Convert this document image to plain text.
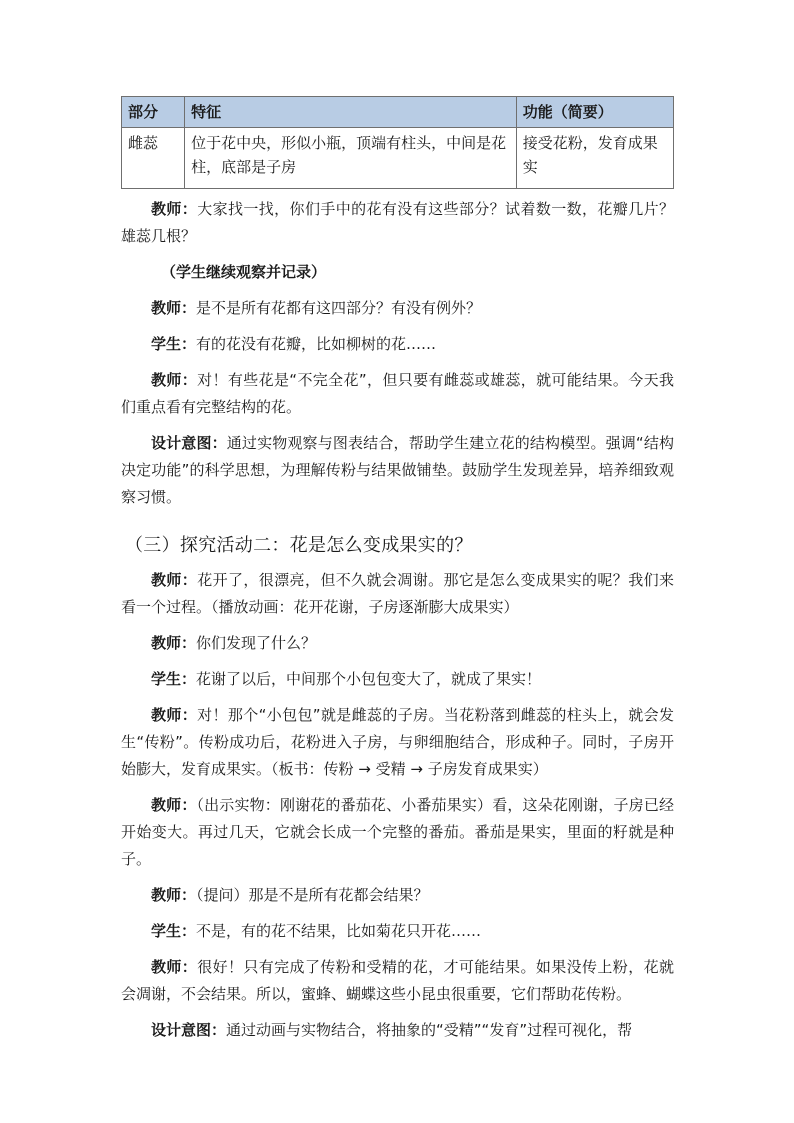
部分	特征	功能（简要）
雌蕊	位于花中央，形似小瓶，顶端有柱头，中间是花柱，底部是子房	接受花粉，发育成果实

教师：大家找一找，你们手中的花有没有这些部分？试着数一数，花瓣几片？雄蕊几根？

（学生继续观察并记录）

教师：是不是所有花都有这四部分？有没有例外？

学生：有的花没有花瓣，比如柳树的花……

教师：对！有些花是“不完全花”，但只要有雌蕊或雄蕊，就可能结果。今天我们重点看有完整结构的花。

设计意图：通过实物观察与图表结合，帮助学生建立花的结构模型。强调“结构决定功能”的科学思想，为理解传粉与结果做铺垫。鼓励学生发现差异，培养细致观察习惯。

（三）探究活动二：花是怎么变成果实的？

教师：花开了，很漂亮，但不久就会凋谢。那它是怎么变成果实的呢？我们来看一个过程。（播放动画：花开花谢，子房逐渐膨大成果实）

教师：你们发现了什么？

学生：花谢了以后，中间那个小包包变大了，就成了果实！

教师：对！那个“小包包”就是雌蕊的子房。当花粉落到雌蕊的柱头上，就会发生“传粉”。传粉成功后，花粉进入子房，与卵细胞结合，形成种子。同时，子房开始膨大，发育成果实。（板书：传粉 → 受精 → 子房发育成果实）

教师：（出示实物：刚谢花的番茄花、小番茄果实）看，这朵花刚谢，子房已经开始变大。再过几天，它就会长成一个完整的番茄。番茄是果实，里面的籽就是种子。

教师：（提问）那是不是所有花都会结果？

学生：不是，有的花不结果，比如菊花只开花……

教师：很好！只有完成了传粉和受精的花，才可能结果。如果没传上粉，花就会凋谢，不会结果。所以，蜜蜂、蝴蝶这些小昆虫很重要，它们帮助花传粉。

设计意图：通过动画与实物结合，将抽象的“受精”“发育”过程可视化，帮
